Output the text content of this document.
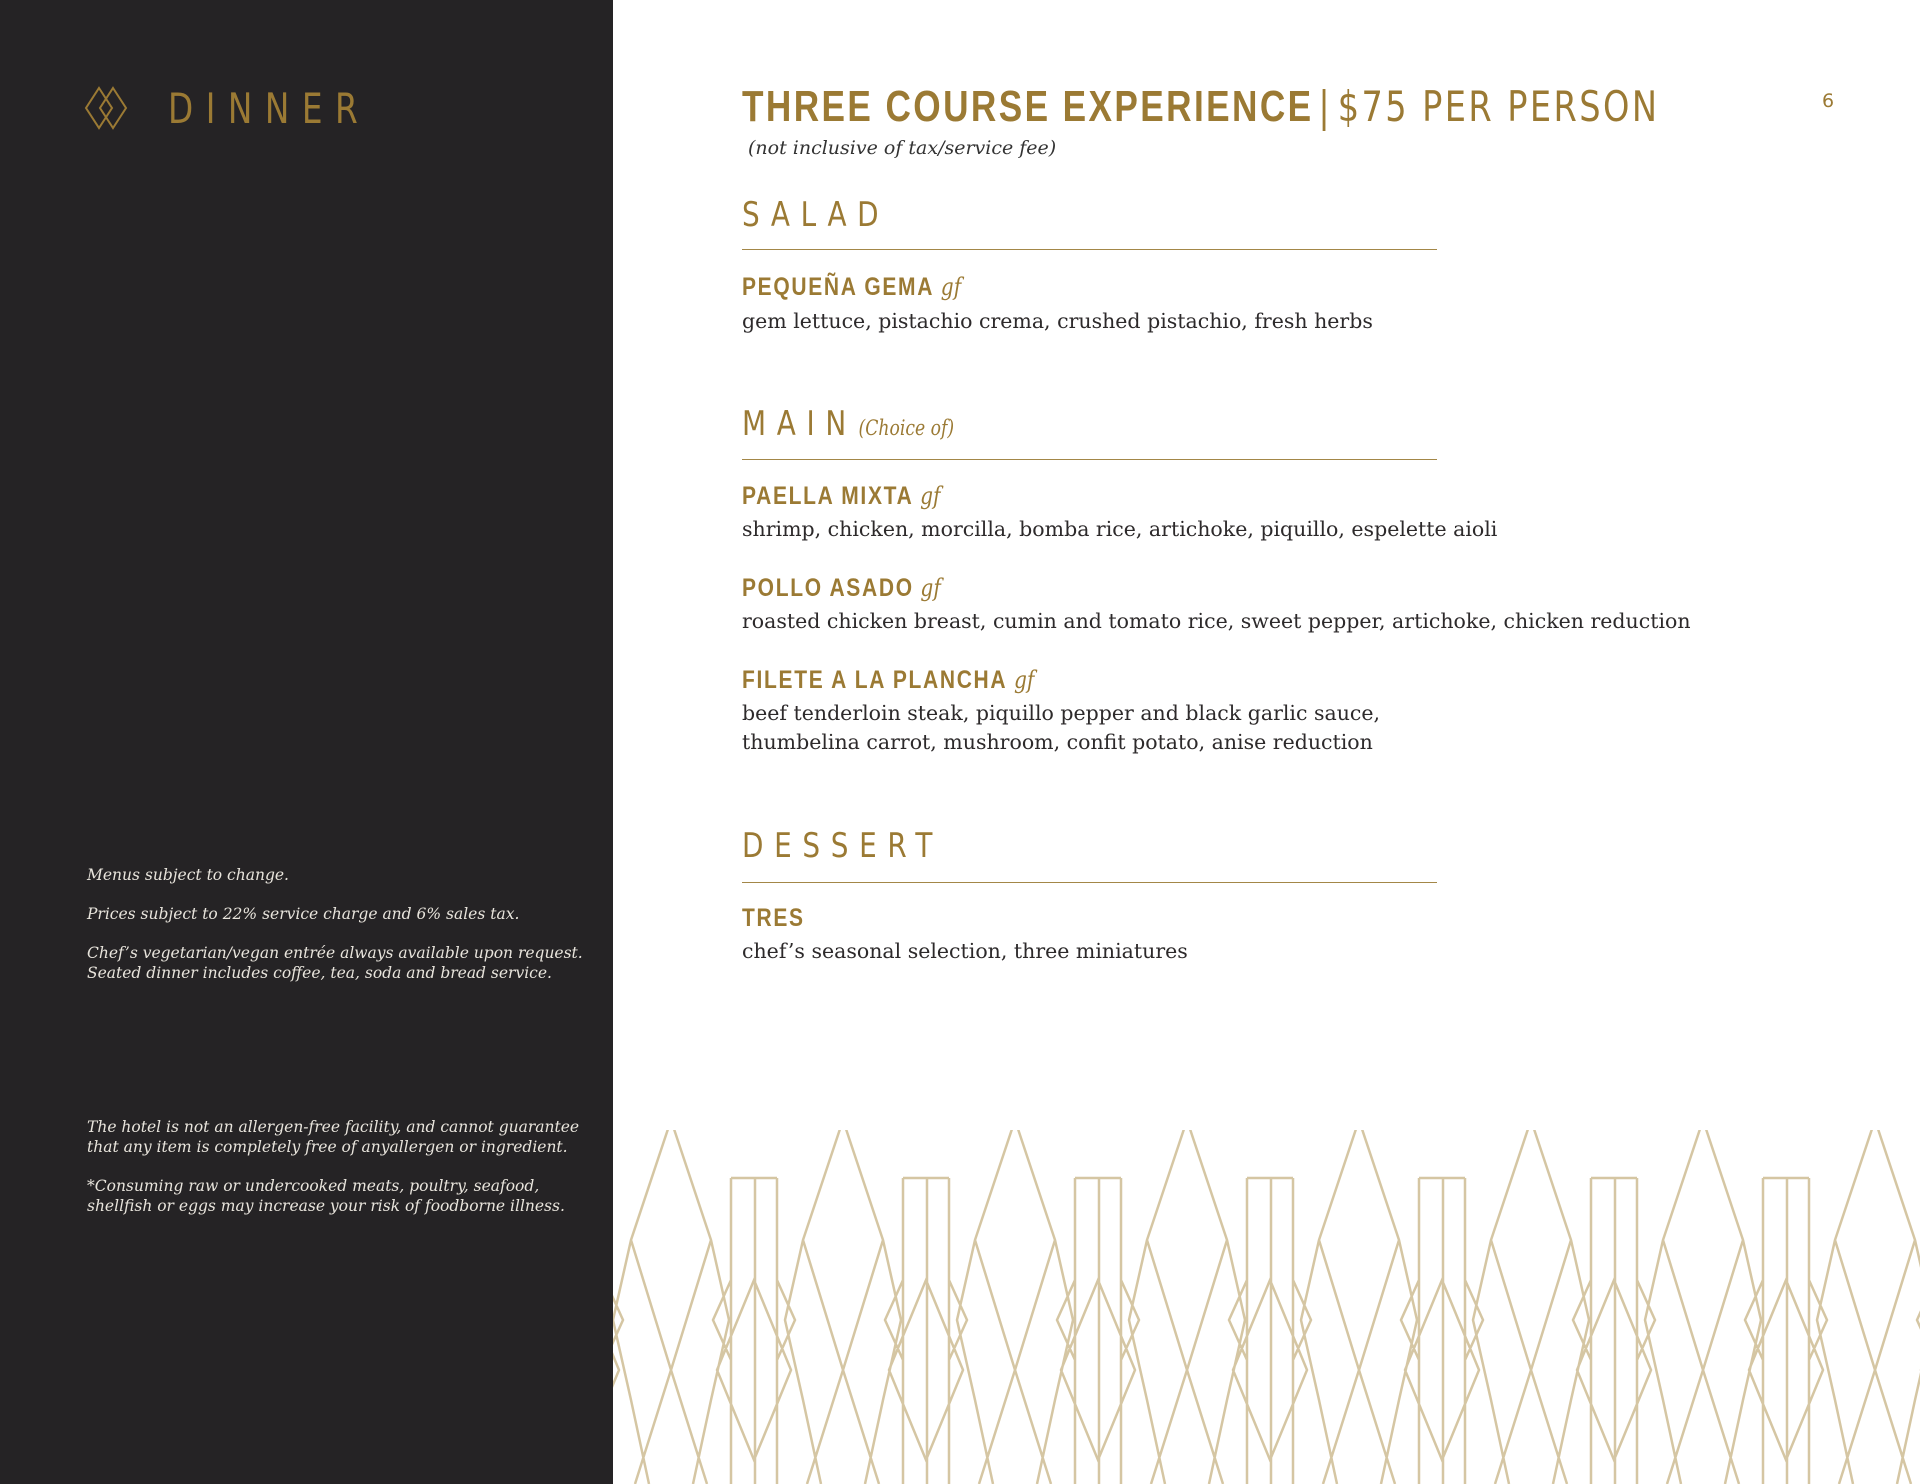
DINNER
Menus subject to change.
Prices subject to 22% service charge and 6% sales tax.
Chef’s vegetarian/vegan entrée always available upon request.
Seated dinner includes coffee, tea, soda and bread service.
The hotel is not an allergen-free facility, and cannot guarantee
that any item is completely free of anyallergen or ingredient.
*Consuming raw or undercooked meats, poultry, seafood,
shellfish or eggs may increase your risk of foodborne illness.
THREE COURSE EXPERIENCE | $75 PER PERSON
(not inclusive of tax/service fee)
6
SALAD
PEQUEÑA GEMA gf
gem lettuce, pistachio crema, crushed pistachio, fresh herbs
MAIN(Choice of)
PAELLA MIXTA gf
shrimp, chicken, morcilla, bomba rice, artichoke, piquillo, espelette aioli
POLLO ASADO gf
roasted chicken breast, cumin and tomato rice, sweet pepper, artichoke, chicken reduction
FILETE A LA PLANCHA gf
beef tenderloin steak, piquillo pepper and black garlic sauce,
thumbelina carrot, mushroom, confit potato, anise reduction
DESSERT
TRES
chef’s seasonal selection, three miniatures
